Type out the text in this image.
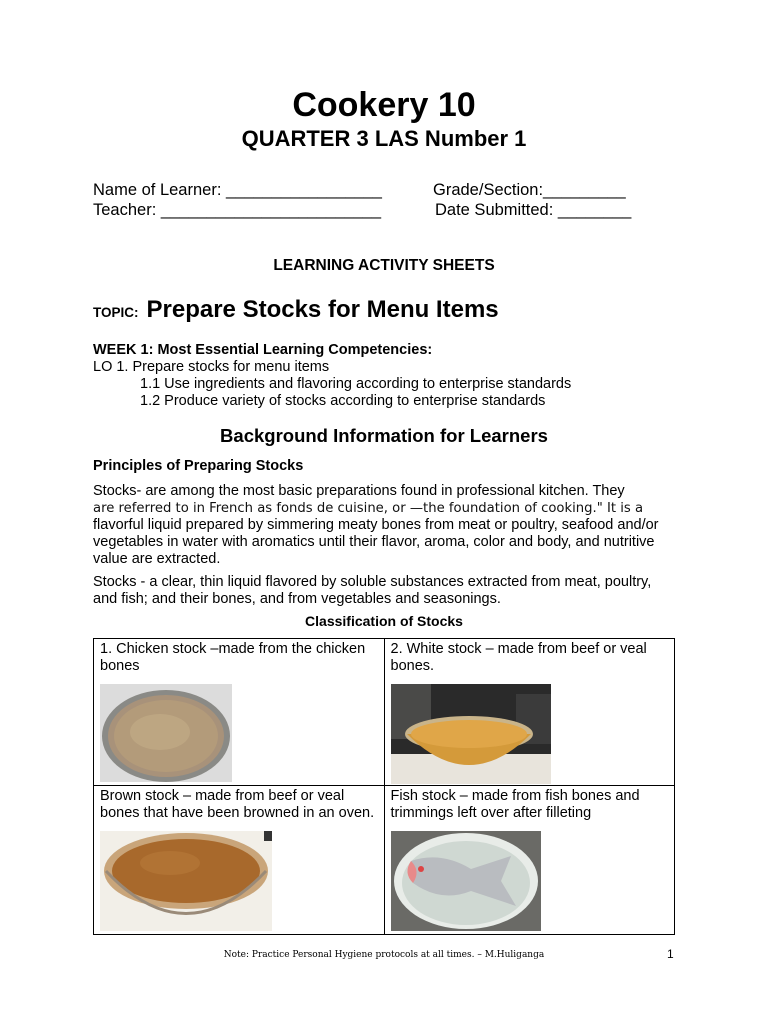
Cookery 10
QUARTER 3 LAS Number 1
Name of Learner: _________________	Grade/Section:_________
Teacher: ________________________	Date Submitted: ________
LEARNING ACTIVITY SHEETS
TOPIC: Prepare Stocks for Menu Items
WEEK 1: Most Essential Learning Competencies:
LO 1. Prepare stocks for menu items
1.1 Use ingredients and flavoring according to enterprise standards
1.2 Produce variety of stocks according to enterprise standards
Background Information for Learners
Principles of Preparing Stocks
Stocks- are among the most basic preparations found in professional kitchen. They
are referred to in French as fonds de cuisine, or —the foundation of cooking." It is a
flavorful liquid prepared by simmering meaty bones from meat or poultry, seafood and/or vegetables in water with aromatics until their flavor, aroma, color and body, and nutritive value are extracted.
Stocks - a clear, thin liquid flavored by soluble substances extracted from meat, poultry, and fish; and their bones, and from vegetables and seasonings.
Classification of Stocks
1. Chicken stock –made from the chicken bones	2. White stock – made from beef or veal bones.

Brown stock – made from beef or veal bones that have been browned in an oven.	Fish stock – made from fish bones and trimmings left over after filleting
Note: Practice Personal Hygiene protocols at all times. – M.Huliganga	1
